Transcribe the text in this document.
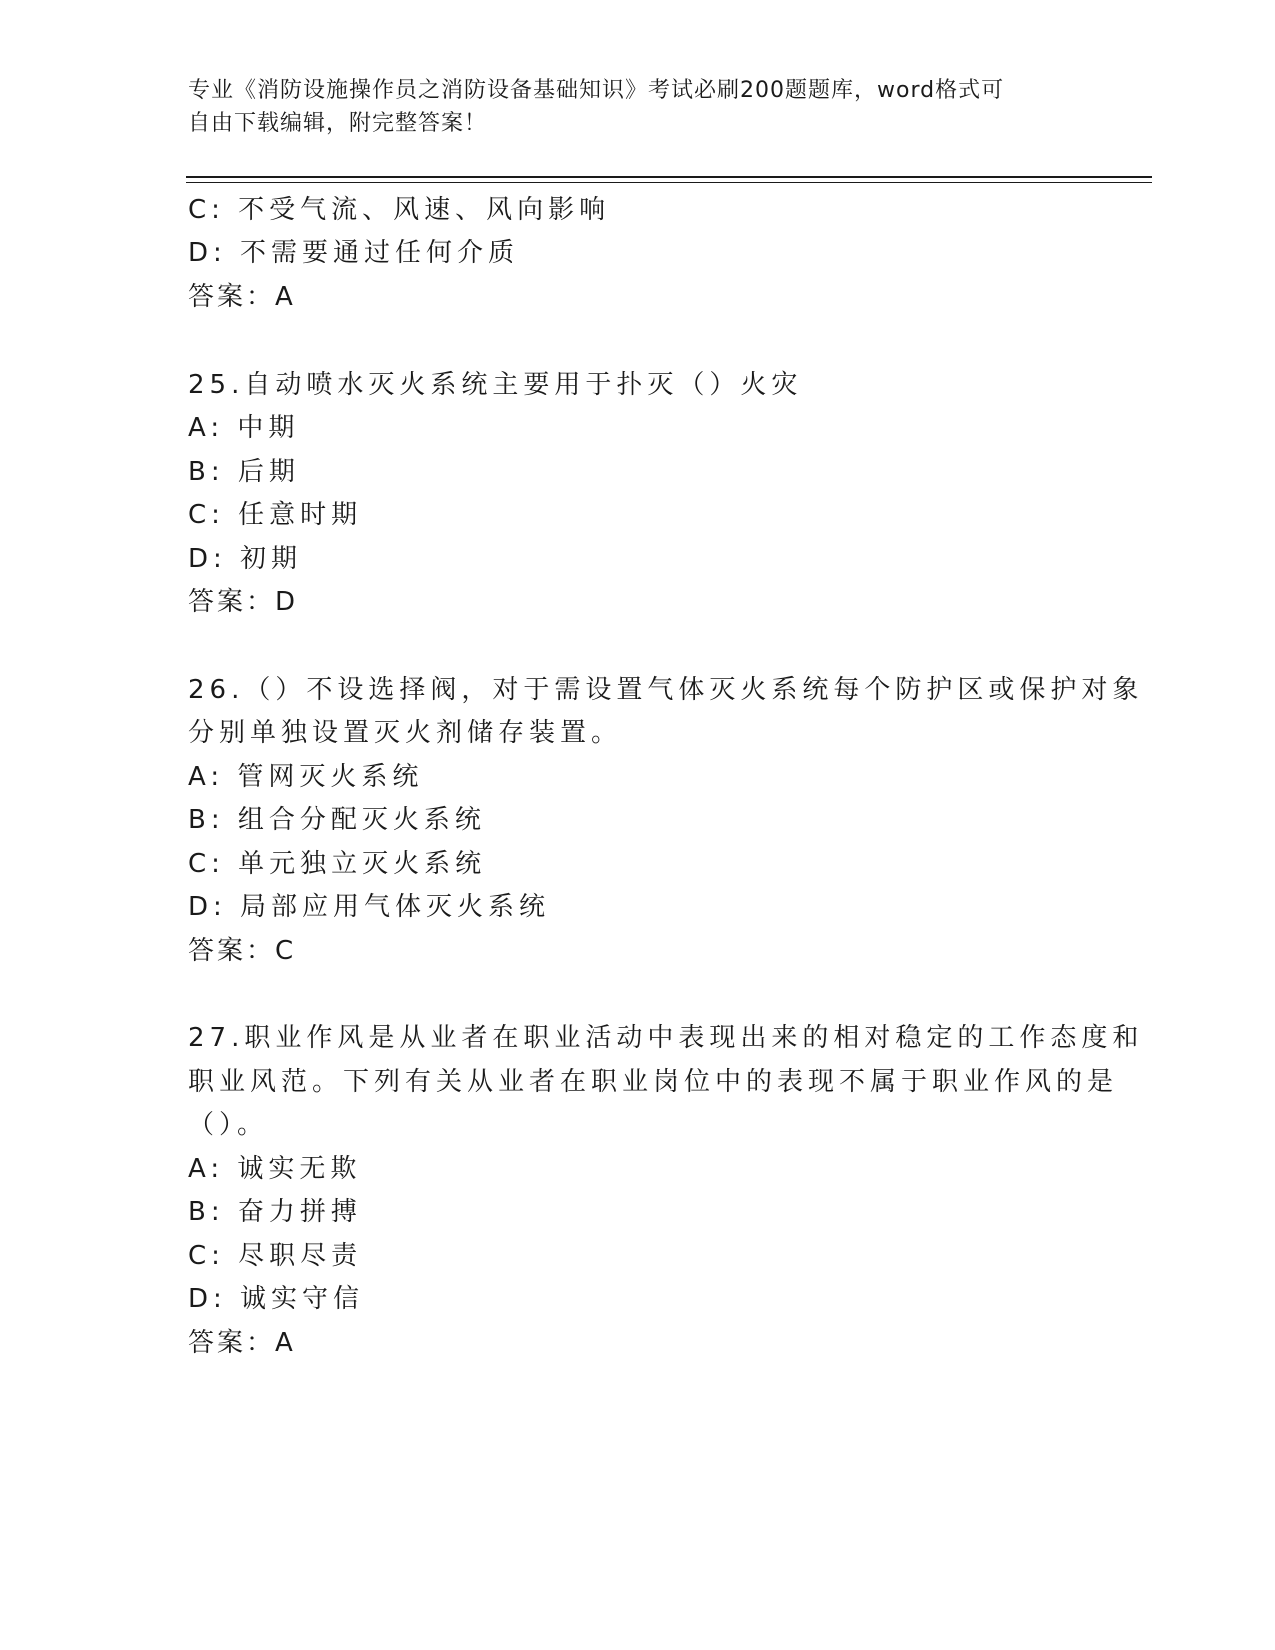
专业《消防设施操作员之消防设备基础知识》考试必刷200题题库，word格式可
自由下载编辑，附完整答案！
C: 不受气流、风速、风向影响
D: 不需要通过任何介质
答案：A
25.自动喷水灭火系统主要用于扑灭（）火灾
A: 中期
B: 后期
C: 任意时期
D: 初期
答案：D
26.（）不设选择阀，对于需设置气体灭火系统每个防护区或保护对象
分别单独设置灭火剂储存装置。
A: 管网灭火系统
B: 组合分配灭火系统
C: 单元独立灭火系统
D: 局部应用气体灭火系统
答案：C
27.职业作风是从业者在职业活动中表现出来的相对稳定的工作态度和
职业风范。下列有关从业者在职业岗位中的表现不属于职业作风的是
（）。
A: 诚实无欺
B: 奋力拼搏
C: 尽职尽责
D: 诚实守信
答案：A
